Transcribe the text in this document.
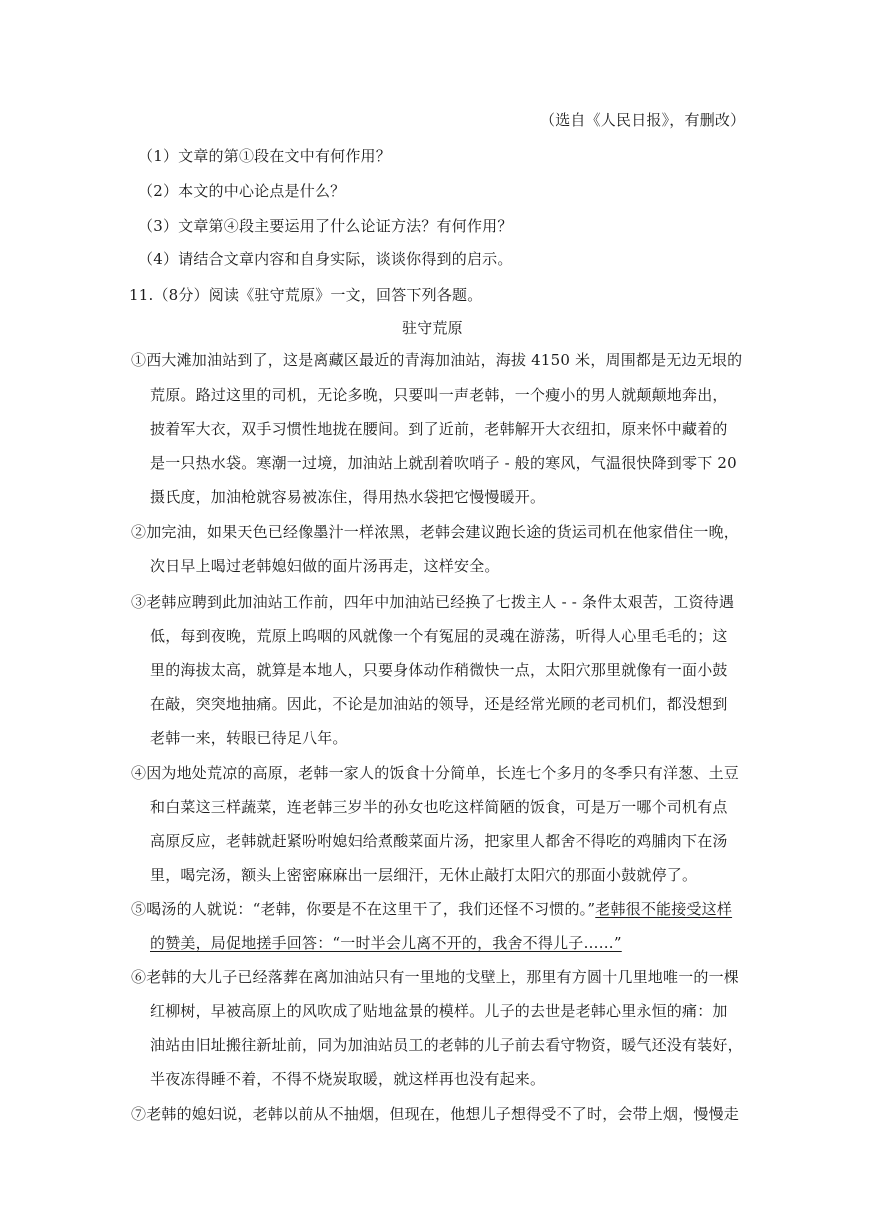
（选自《人民日报》，有删改）
（1）文章的第①段在文中有何作用？
（2）本文的中心论点是什么？
（3）文章第④段主要运用了什么论证方法？有何作用？
（4）请结合文章内容和自身实际，谈谈你得到的启示。
11.（8分）阅读《驻守荒原》一文，回答下列各题。
驻守荒原
①西大滩加油站到了，这是离藏区最近的青海加油站，海拔 4150 米，周围都是无边无垠的
荒原。路过这里的司机，无论多晚，只要叫一声老韩，一个瘦小的男人就颠颠地奔出，
披着军大衣，双手习惯性地拢在腰间。到了近前，老韩解开大衣纽扣，原来怀中藏着的
是一只热水袋。寒潮一过境，加油站上就刮着吹哨子 - 般的寒风，气温很快降到零下 20
摄氏度，加油枪就容易被冻住，得用热水袋把它慢慢暖开。
②加完油，如果天色已经像墨汁一样浓黑，老韩会建议跑长途的货运司机在他家借住一晚，
次日早上喝过老韩媳妇做的面片汤再走，这样安全。
③老韩应聘到此加油站工作前，四年中加油站已经换了七拨主人 - - 条件太艰苦，工资待遇
低，每到夜晚，荒原上呜咽的风就像一个有冤屈的灵魂在游荡，听得人心里毛毛的；这
里的海拔太高，就算是本地人，只要身体动作稍微快一点，太阳穴那里就像有一面小鼓
在敲，突突地抽痛。因此，不论是加油站的领导，还是经常光顾的老司机们，都没想到
老韩一来，转眼已待足八年。
④因为地处荒凉的高原，老韩一家人的饭食十分简单，长连七个多月的冬季只有洋葱、土豆
和白菜这三样蔬菜，连老韩三岁半的孙女也吃这样简陋的饭食，可是万一哪个司机有点
高原反应，老韩就赶紧吩咐媳妇给煮酸菜面片汤，把家里人都舍不得吃的鸡脯肉下在汤
里，喝完汤，额头上密密麻麻出一层细汗，无休止敲打太阳穴的那面小鼓就停了。
⑤喝汤的人就说：“老韩，你要是不在这里干了，我们还怪不习惯的。”老韩很不能接受这样
的赞美，局促地搓手回答：“一时半会儿离不开的，我舍不得儿子……”
⑥老韩的大儿子已经落葬在离加油站只有一里地的戈壁上，那里有方圆十几里地唯一的一棵
红柳树，早被高原上的风吹成了贴地盆景的模样。儿子的去世是老韩心里永恒的痛：加
油站由旧址搬往新址前，同为加油站员工的老韩的儿子前去看守物资，暖气还没有装好，
半夜冻得睡不着，不得不烧炭取暖，就这样再也没有起来。
⑦老韩的媳妇说，老韩以前从不抽烟，但现在，他想儿子想得受不了时，会带上烟，慢慢走
